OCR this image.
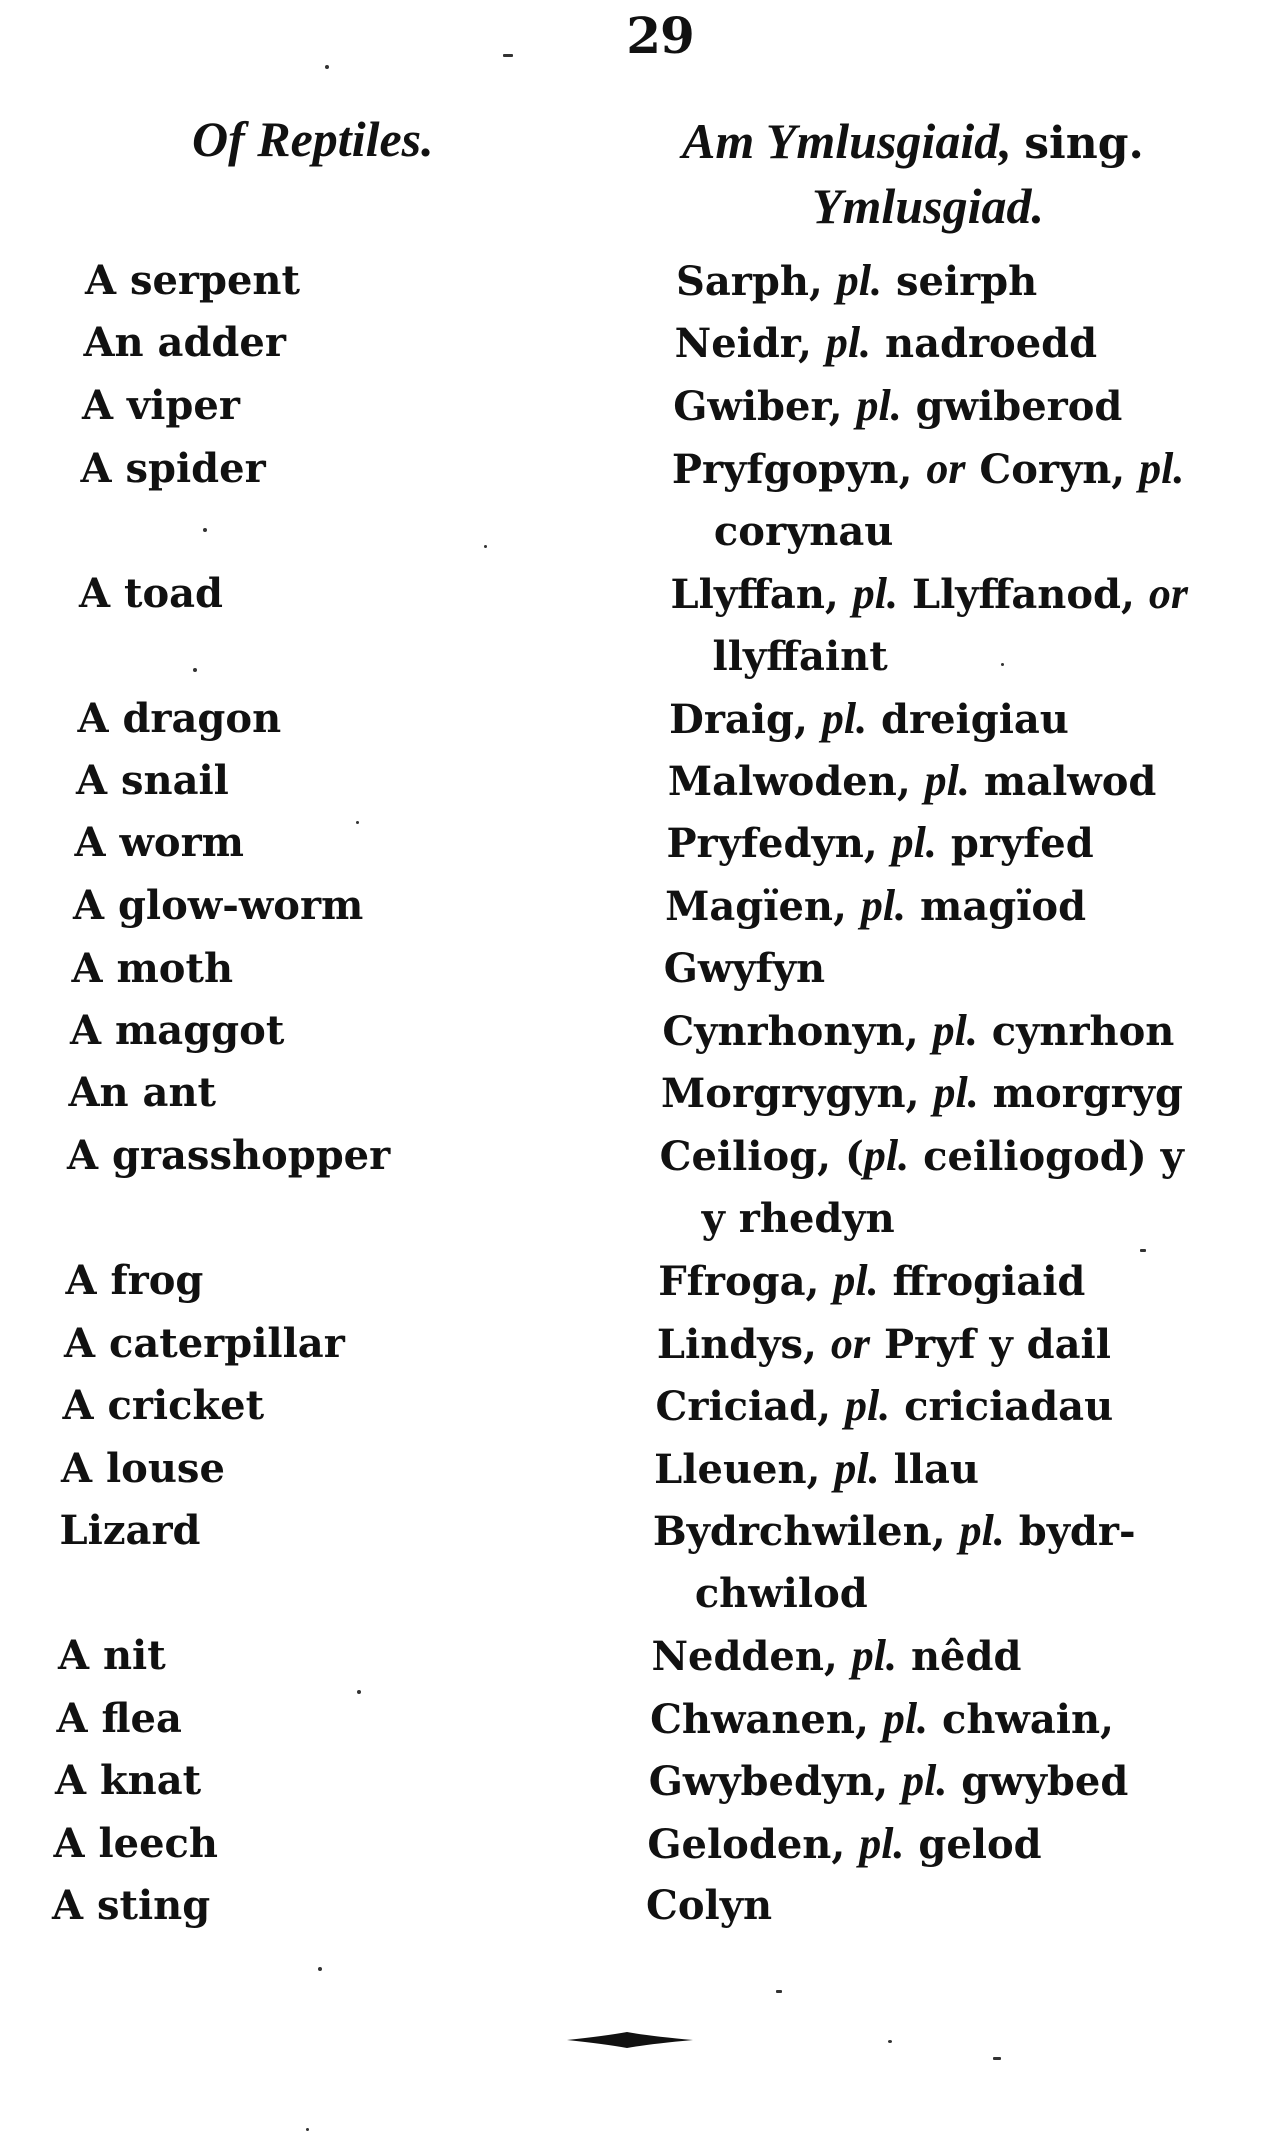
29
Of Reptiles.	Am Ymlusgiaid, sing.
Ymlusgiad.
A serpent	Sarph, pl. seirph
An adder	Neidr, pl. nadroedd
A viper	Gwiber, pl. gwiberod
A spider	Pryfgopyn, or Coryn, pl.
corynau
A toad	Llyffan, pl. Llyffanod, or
llyffaint
A dragon	Draig, pl. dreigiau
A snail	Malwoden, pl. malwod
A worm	Pryfedyn, pl. pryfed
A glow-worm	Magïen, pl. magïod
A moth	Gwyfyn
A maggot	Cynrhonyn, pl. cynrhon
An ant	Morgrygyn, pl. morgryg
A grasshopper	Ceiliog, (pl. ceiliogod) y
y rhedyn
A frog	Ffroga, pl. ffrogiaid
A caterpillar	Lindys, or Pryf y dail
A cricket	Criciad, pl. criciadau
A louse	Lleuen, pl. llau
Lizard	Bydrchwilen, pl. bydr-
chwilod
A nit	Nedden, pl. nêdd
A flea	Chwanen, pl. chwain,
A knat	Gwybedyn, pl. gwybed
A leech	Geloden, pl. gelod
A sting	Colyn
